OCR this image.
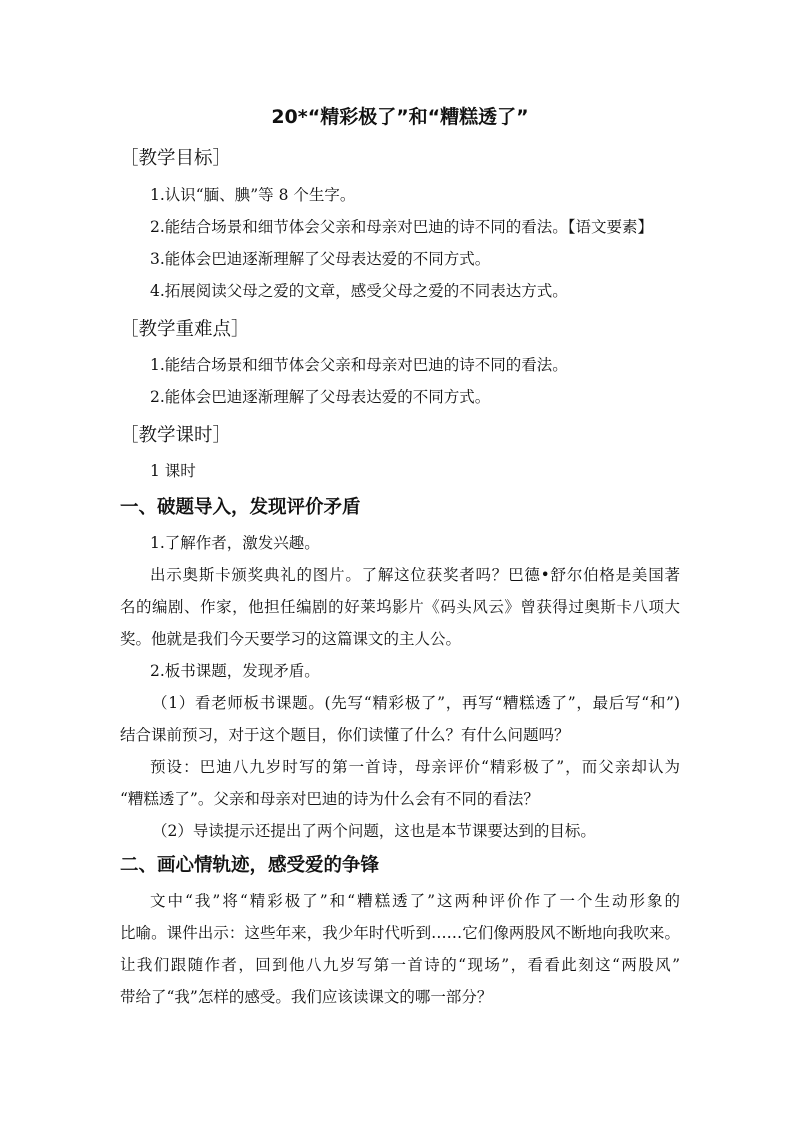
20*“精彩极了”和“糟糕透了”
［教学目标］
1.认识“腼、腆”等 8 个生字。
2.能结合场景和细节体会父亲和母亲对巴迪的诗不同的看法。【语文要素】
3.能体会巴迪逐渐理解了父母表达爱的不同方式。
4.拓展阅读父母之爱的文章，感受父母之爱的不同表达方式。
［教学重难点］
1.能结合场景和细节体会父亲和母亲对巴迪的诗不同的看法。
2.能体会巴迪逐渐理解了父母表达爱的不同方式。
［教学课时］
1 课时
一、破题导入，发现评价矛盾
1.了解作者，激发兴趣。
出示奥斯卡颁奖典礼的图片。了解这位获奖者吗？巴德•舒尔伯格是美国著
名的编剧、作家，他担任编剧的好莱坞影片《码头风云》曾获得过奥斯卡八项大
奖。他就是我们今天要学习的这篇课文的主人公。
2.板书课题，发现矛盾。
（1）看老师板书课题。(先写“精彩极了”，再写“糟糕透了”，最后写“和”)
结合课前预习，对于这个题目，你们读懂了什么？有什么问题吗？
预设：巴迪八九岁时写的第一首诗，母亲评价“精彩极了”，而父亲却认为
“糟糕透了”。父亲和母亲对巴迪的诗为什么会有不同的看法？
（2）导读提示还提出了两个问题，这也是本节课要达到的目标。
二、画心情轨迹，感受爱的争锋
文中“我”将“精彩极了”和“糟糕透了”这两种评价作了一个生动形象的
比喻。课件出示：这些年来，我少年时代听到……它们像两股风不断地向我吹来。
让我们跟随作者，回到他八九岁写第一首诗的“现场”，看看此刻这“两股风”
带给了“我”怎样的感受。我们应该读课文的哪一部分？
